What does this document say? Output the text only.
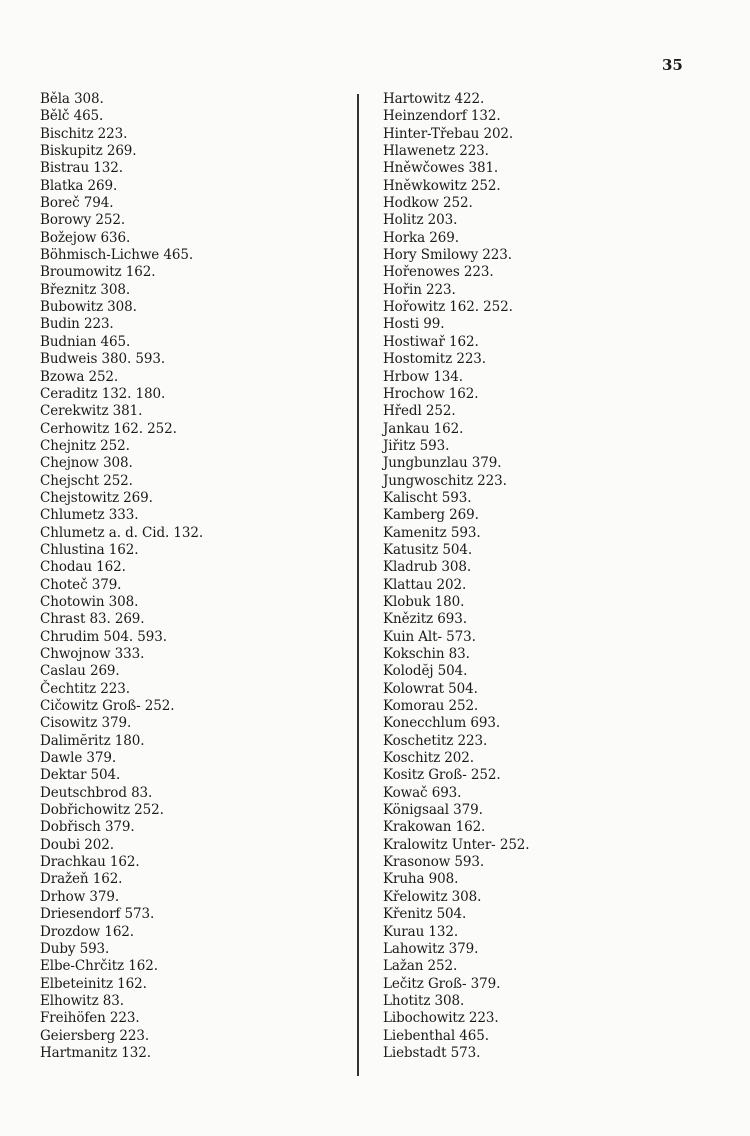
35
Běla 308.
Bělč 465.
Bischitz 223.
Biskupitz 269.
Bistrau 132.
Blatka 269.
Boreč 794.
Borowy 252.
Božejow 636.
Böhmisch-Lichwe 465.
Broumowitz 162.
Březnitz 308.
Bubowitz 308.
Budin 223.
Budnian 465.
Budweis 380. 593.
Bzowa 252.
Ceraditz 132. 180.
Cerekwitz 381.
Cerhowitz 162. 252.
Chejnitz 252.
Chejnow 308.
Chejscht 252.
Chejstowitz 269.
Chlumetz 333.
Chlumetz a. d. Cid. 132.
Chlustina 162.
Chodau 162.
Choteč 379.
Chotowin 308.
Chrast 83. 269.
Chrudim 504. 593.
Chwojnow 333.
Caslau 269.
Čechtitz 223.
Cičowitz Groß- 252.
Cisowitz 379.
Dalimĕritz 180.
Dawle 379.
Dektar 504.
Deutschbrod 83.
Dobřichowitz 252.
Dobřisch 379.
Doubi 202.
Drachkau 162.
Dražeň 162.
Drhow 379.
Driesendorf 573.
Drozdow 162.
Duby 593.
Elbe-Chrčitz 162.
Elbeteinitz 162.
Elhowitz 83.
Freihöfen 223.
Geiersberg 223.
Hartmanitz 132.
Hartowitz 422.
Heinzendorf 132.
Hinter-Třebau 202.
Hlawenetz 223.
Hněwčowes 381.
Hněwkowitz 252.
Hodkow 252.
Holitz 203.
Horka 269.
Hory Smilowy 223.
Hořenowes 223.
Hořin 223.
Hořowitz 162. 252.
Hosti 99.
Hostiwař 162.
Hostomitz 223.
Hrbow 134.
Hrochow 162.
Hředl 252.
Jankau 162.
Jiřitz 593.
Jungbunzlau 379.
Jungwoschitz 223.
Kalischt 593.
Kamberg 269.
Kamenitz 593.
Katusitz 504.
Kladrub 308.
Klattau 202.
Klobuk 180.
Knězitz 693.
Kuin Alt- 573.
Kokschin 83.
Kolodĕj 504.
Kolowrat 504.
Komorau 252.
Konecchlum 693.
Koschetitz 223.
Koschitz 202.
Kositz Groß- 252.
Kowač 693.
Königsaal 379.
Krakowan 162.
Kralowitz Unter- 252.
Krasonow 593.
Kruha 908.
Křelowitz 308.
Křenitz 504.
Kurau 132.
Lahowitz 379.
Lažan 252.
Lečitz Groß- 379.
Lhotitz 308.
Libochowitz 223.
Liebenthal 465.
Liebstadt 573.
